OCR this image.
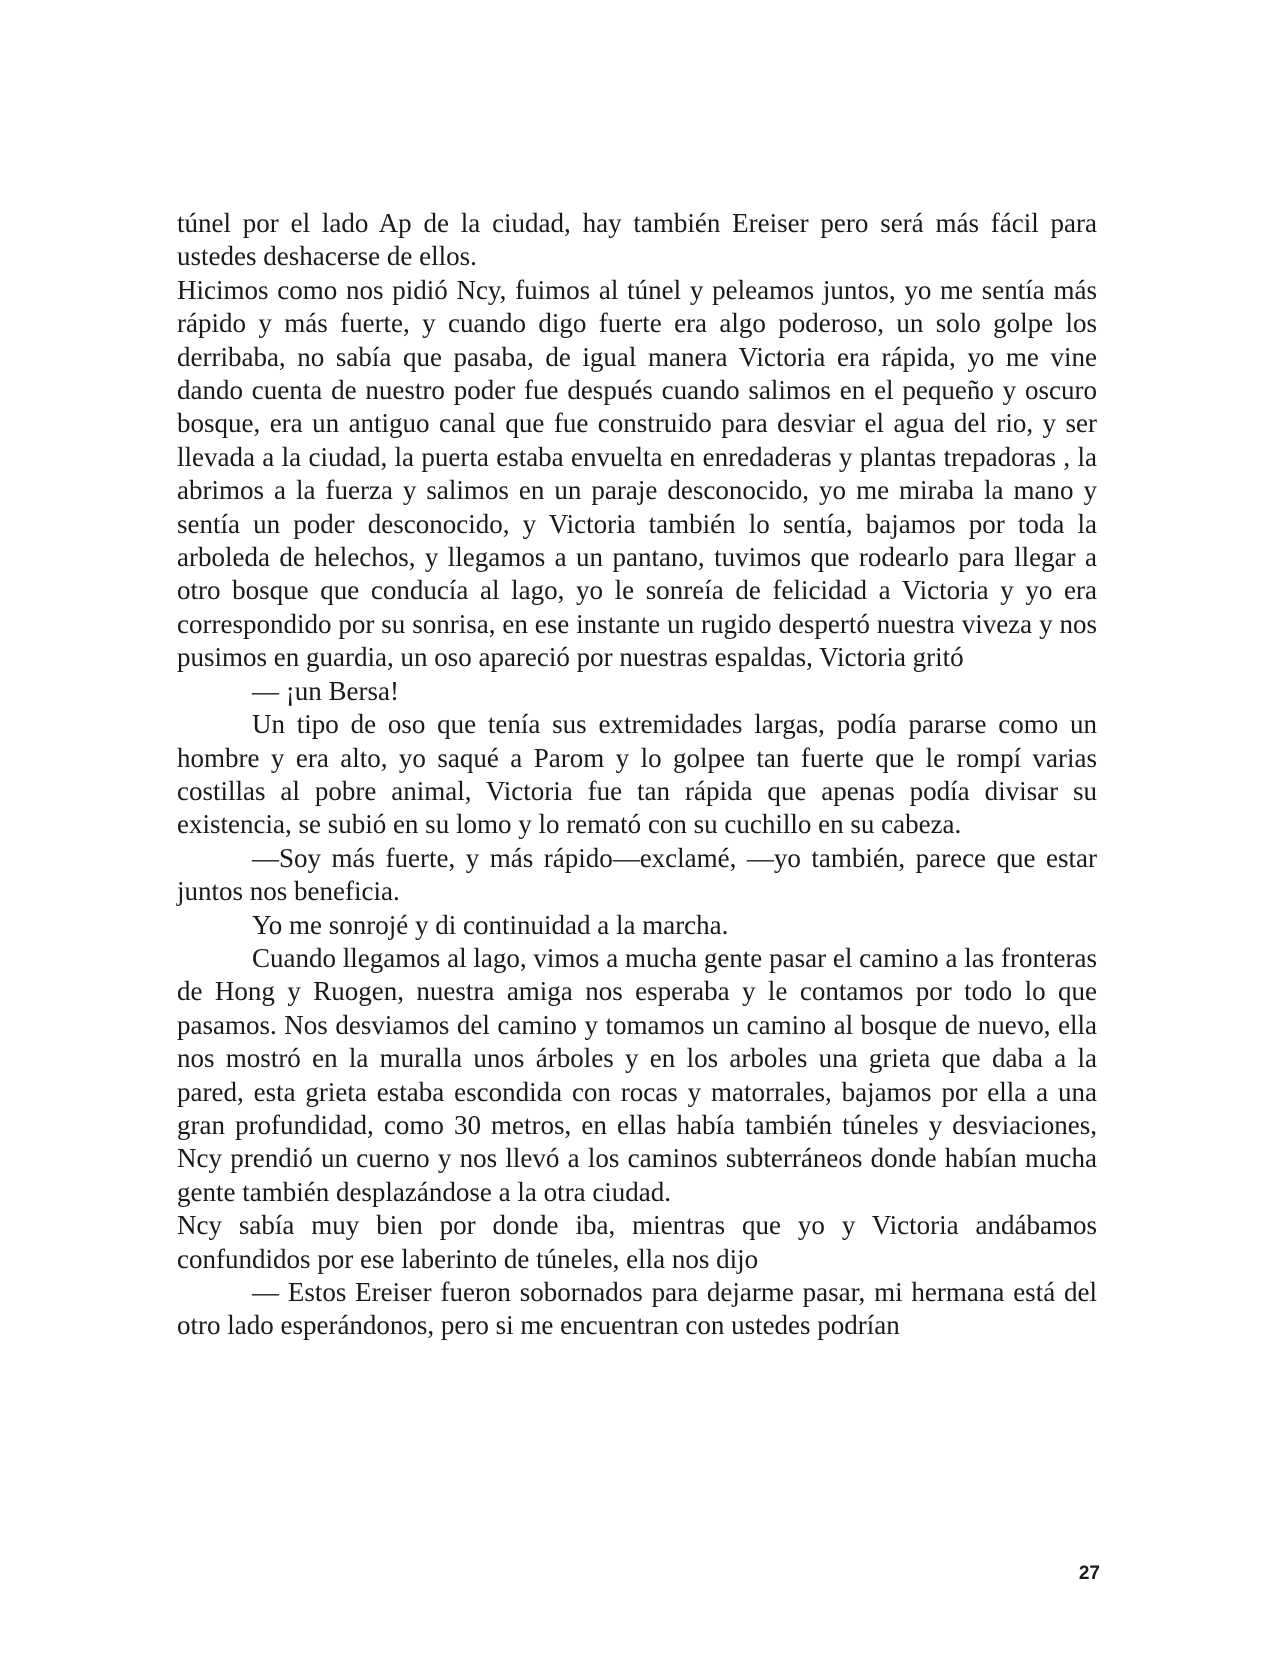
túnel por el lado Ap de la ciudad, hay también Ereiser pero será más fácil para ustedes deshacerse de ellos.

Hicimos como nos pidió Ncy, fuimos al túnel y peleamos juntos, yo me sentía más rápido y más fuerte, y cuando digo fuerte era algo poderoso, un solo golpe los derribaba, no sabía que pasaba, de igual manera Victoria era rápida, yo me vine dando cuenta de nuestro poder fue después cuando salimos en el pequeño y oscuro bosque, era un antiguo canal que fue construido para desviar el agua del rio, y ser llevada a la ciudad, la puerta estaba envuelta en enredaderas y plantas trepadoras , la abrimos a la fuerza y salimos en un paraje desconocido, yo me miraba la mano y sentía un poder desconocido, y Victoria también lo sentía, bajamos por toda la arboleda de helechos, y llegamos a un pantano, tuvimos que rodearlo para llegar a otro bosque que conducía al lago, yo le sonreía de felicidad a Victoria y yo era correspondido por su sonrisa, en ese instante un rugido despertó nuestra viveza y nos pusimos en guardia, un oso apareció por nuestras espaldas, Victoria gritó

— ¡un Bersa!

Un tipo de oso que tenía sus extremidades largas, podía pararse como un hombre y era alto, yo saqué a Parom y lo golpee tan fuerte que le rompí varias costillas al pobre animal, Victoria fue tan rápida que apenas podía divisar su existencia, se subió en su lomo y lo remató con su cuchillo en su cabeza.

—Soy más fuerte, y más rápido—exclamé, —yo también, parece que estar juntos nos beneficia.

Yo me sonrojé y di continuidad a la marcha.

Cuando llegamos al lago, vimos a mucha gente pasar el camino a las fronteras de Hong y Ruogen, nuestra amiga nos esperaba y le contamos por todo lo que pasamos. Nos desviamos del camino y tomamos un camino al bosque de nuevo, ella nos mostró en la muralla unos árboles y en los arboles una grieta que daba a la pared, esta grieta estaba escondida con rocas y matorrales, bajamos por ella a una gran profundidad, como 30 metros, en ellas había también túneles y desviaciones, Ncy prendió un cuerno y nos llevó a los caminos subterráneos donde habían mucha gente también desplazándose a la otra ciudad.

Ncy sabía muy bien por donde iba, mientras que yo y Victoria andábamos confundidos por ese laberinto de túneles, ella nos dijo

— Estos Ereiser fueron sobornados para dejarme pasar, mi hermana está del otro lado esperándonos, pero si me encuentran con ustedes podrían

27
